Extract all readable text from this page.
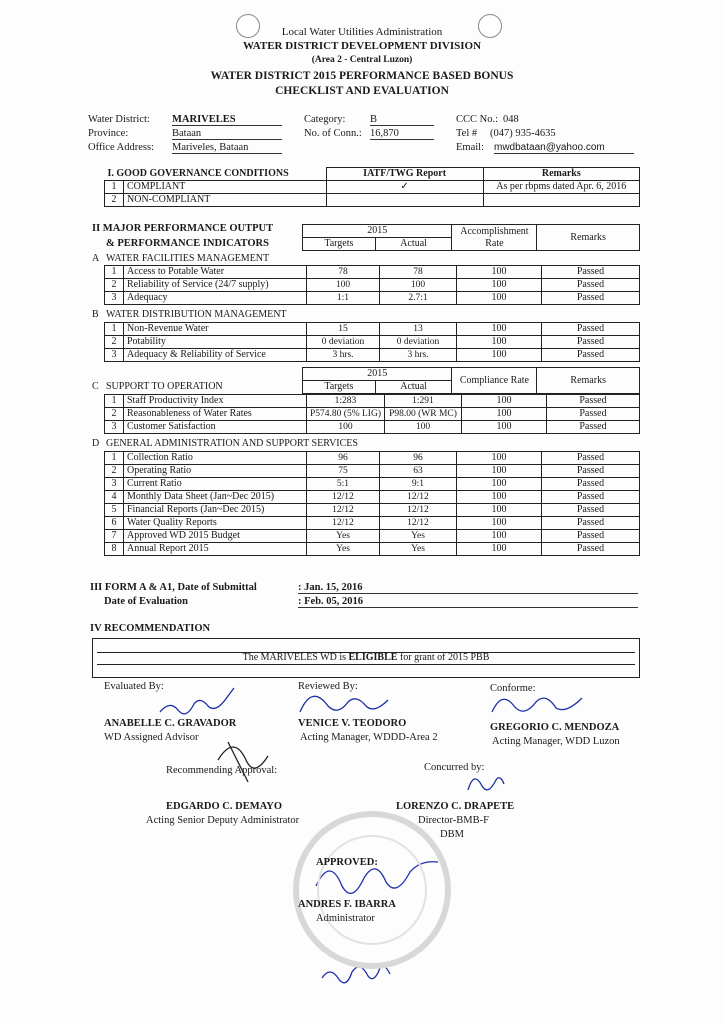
Local Water Utilities Administration
WATER DISTRICT DEVELOPMENT DIVISION
(Area 2 - Central Luzon)
WATER DISTRICT 2015 PERFORMANCE BASED BONUS
CHECKLIST AND EVALUATION
Water District: MARIVELES
Province:	Bataan
Office Address: Mariveles, Bataan
Category: B
No. of Conn.: 16,870
CCC No.: 048
Tel # (047) 935-4635
Email: mwdbataan@yahoo.com
I. GOOD GOVERNANCE CONDITIONS		IATF/TWG Report	Remarks
1	COMPLIANT	✓	As per rbpms dated Apr. 6, 2016
2	NON-COMPLIANT		
II MAJOR PERFORMANCE OUTPUT
& PERFORMANCE INDICATORS
2015		Accomplishment
Rate	Remarks
Targets	Actual		
A WATER FACILITIES MANAGEMENT
1	Access to Potable Water	78	78	100	Passed
2	Reliability of Service (24/7 supply)	100	100	100	Passed
3	Adequacy	1:1	2.7:1	100	Passed
B WATER DISTRIBUTION MANAGEMENT
1	Non-Revenue Water	15	13	100	Passed
2	Potability	0 deviation	0 deviation	100	Passed
3	Adequacy & Reliability of Service	3 hrs.	3 hrs.	100	Passed
2015		Compliance Rate	Remarks
Targets	Actual		
C SUPPORT TO OPERATION
1	Staff Productivity Index	1:283	1:291	100	Passed
2	Reasonableness of Water Rates	P574.80 (5% LIG)	P98.00 (WR MC)	100	Passed
3	Customer Satisfaction	100	100	100	Passed
D GENERAL ADMINISTRATION AND SUPPORT SERVICES
1	Collection Ratio	96	96	100	Passed
2	Operating Ratio	75	63	100	Passed
3	Current Ratio	5:1	9:1	100	Passed
4	Monthly Data Sheet (Jan~Dec 2015)	12/12	12/12	100	Passed
5	Financial Reports (Jan~Dec 2015)	12/12	12/12	100	Passed
6	Water Quality Reports	12/12	12/12	100	Passed
7	Approved WD 2015 Budget	Yes	Yes	100	Passed
8	Annual Report 2015	Yes	Yes	100	Passed
III FORM A & A1, Date of Submittal
Date of Evaluation
: Jan. 15, 2016
: Feb. 05, 2016
IV RECOMMENDATION
The MARIVELES WD is ELIGIBLE for grant of 2015 PBB
Evaluated By:	Reviewed By:	Conforme:
ANABELLE C. GRAVADOR
WD Assigned Advisor
VENICE V. TEODORO
Acting Manager, WDDD-Area 2
GREGORIO C. MENDOZA
Acting Manager, WDD Luzon
Recommending Approval:	Concurred by:
EDGARDO C. DEMAYO
Acting Senior Deputy Administrator
LORENZO C. DRAPETE
Director-BMB-F
DBM
APPROVED:
ANDRES F. IBARRA
Administrator
